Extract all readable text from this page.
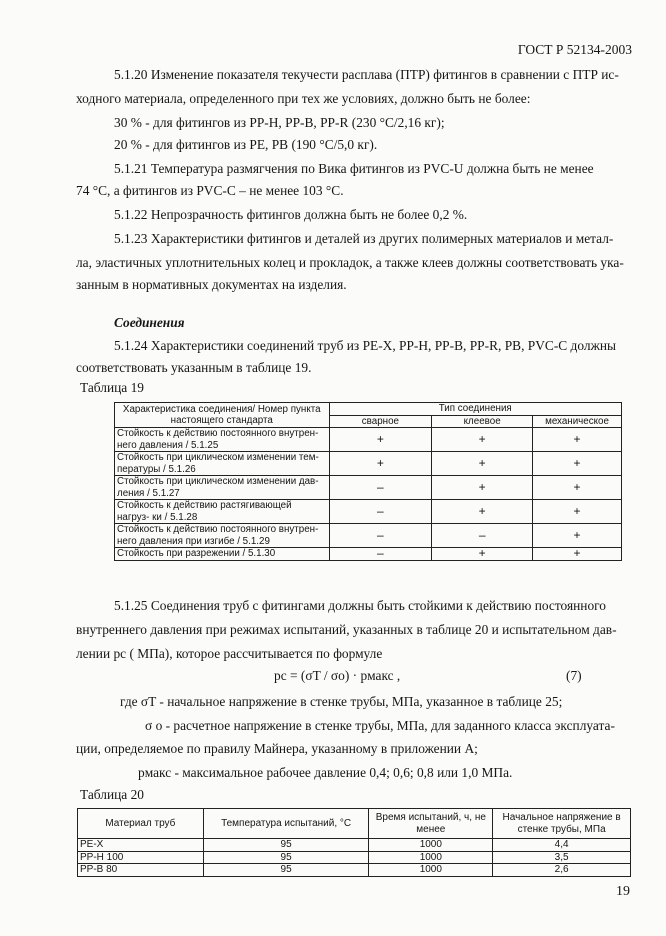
ГОСТ Р 52134-2003
5.1.20 Изменение показателя текучести расплава (ПТР) фитингов в сравнении с ПТР ис-
ходного материала, определенного при тех же условиях, должно быть не более:
30 % - для фитингов из PP-H, PP-B, PP-R (230 °С/2,16 кг);
20 % - для фитингов из PE, PB (190 °С/5,0 кг).
5.1.21 Температура размягчения по Вика фитингов из PVC-U должна быть не менее
74 °С, а фитингов из PVC-С – не менее 103 °С.
5.1.22 Непрозрачность фитингов должна быть не более 0,2 %.
5.1.23 Характеристики фитингов и деталей из других полимерных материалов и метал-
ла, эластичных уплотнительных колец и прокладок, а также клеев должны соответствовать ука-
занным в нормативных документах на изделия.
Соединения
5.1.24 Характеристики соединений труб из PE-X, PP-H, PP-B, PP-R, PB, PVC-C должны
соответствовать указанным в таблице 19.
Таблица 19
Характеристика соединения/ Номер пункта настоящего стандарта	Тип соединения		
	сварное	клеевое	механическое
Стойкость к действию постоянного внутрен- него давления / 5.1.25	+	+	+
Стойкость при циклическом изменении тем- пературы / 5.1.26	+	+	+
Стойкость при циклическом изменении дав- ления / 5.1.27	–	+	+
Стойкость к действию растягивающей нагруз- ки / 5.1.28	–	+	+
Стойкость к действию постоянного внутрен- него давления при изгибе / 5.1.29	–	–	+
Стойкость при разрежении / 5.1.30	–	+	+
5.1.25 Соединения труб с фитингами должны быть стойкими к действию постоянного
внутреннего давления при режимах испытаний, указанных в таблице 20 и испытательном дав-
лении pc ( МПа), которое рассчитывается по формуле
pc = (σT / σo) · pмакс ,	(7)
где σT - начальное напряжение в стенке трубы, МПа, указанное в таблице 25;
σ o - расчетное напряжение в стенке трубы, МПа, для заданного класса эксплуата-
ции, определяемое по правилу Майнера, указанному в приложении А;
pмакс - максимальное рабочее давление 0,4; 0,6; 0,8 или 1,0 МПа.
Таблица 20
Материал труб	Температура испытаний, °С	Время испытаний, ч, не менее	Начальное напряжение в стенке трубы, МПа
PE-X	95	1000	4,4
PP-H 100	95	1000	3,5
PP-B 80	95	1000	2,6
19
